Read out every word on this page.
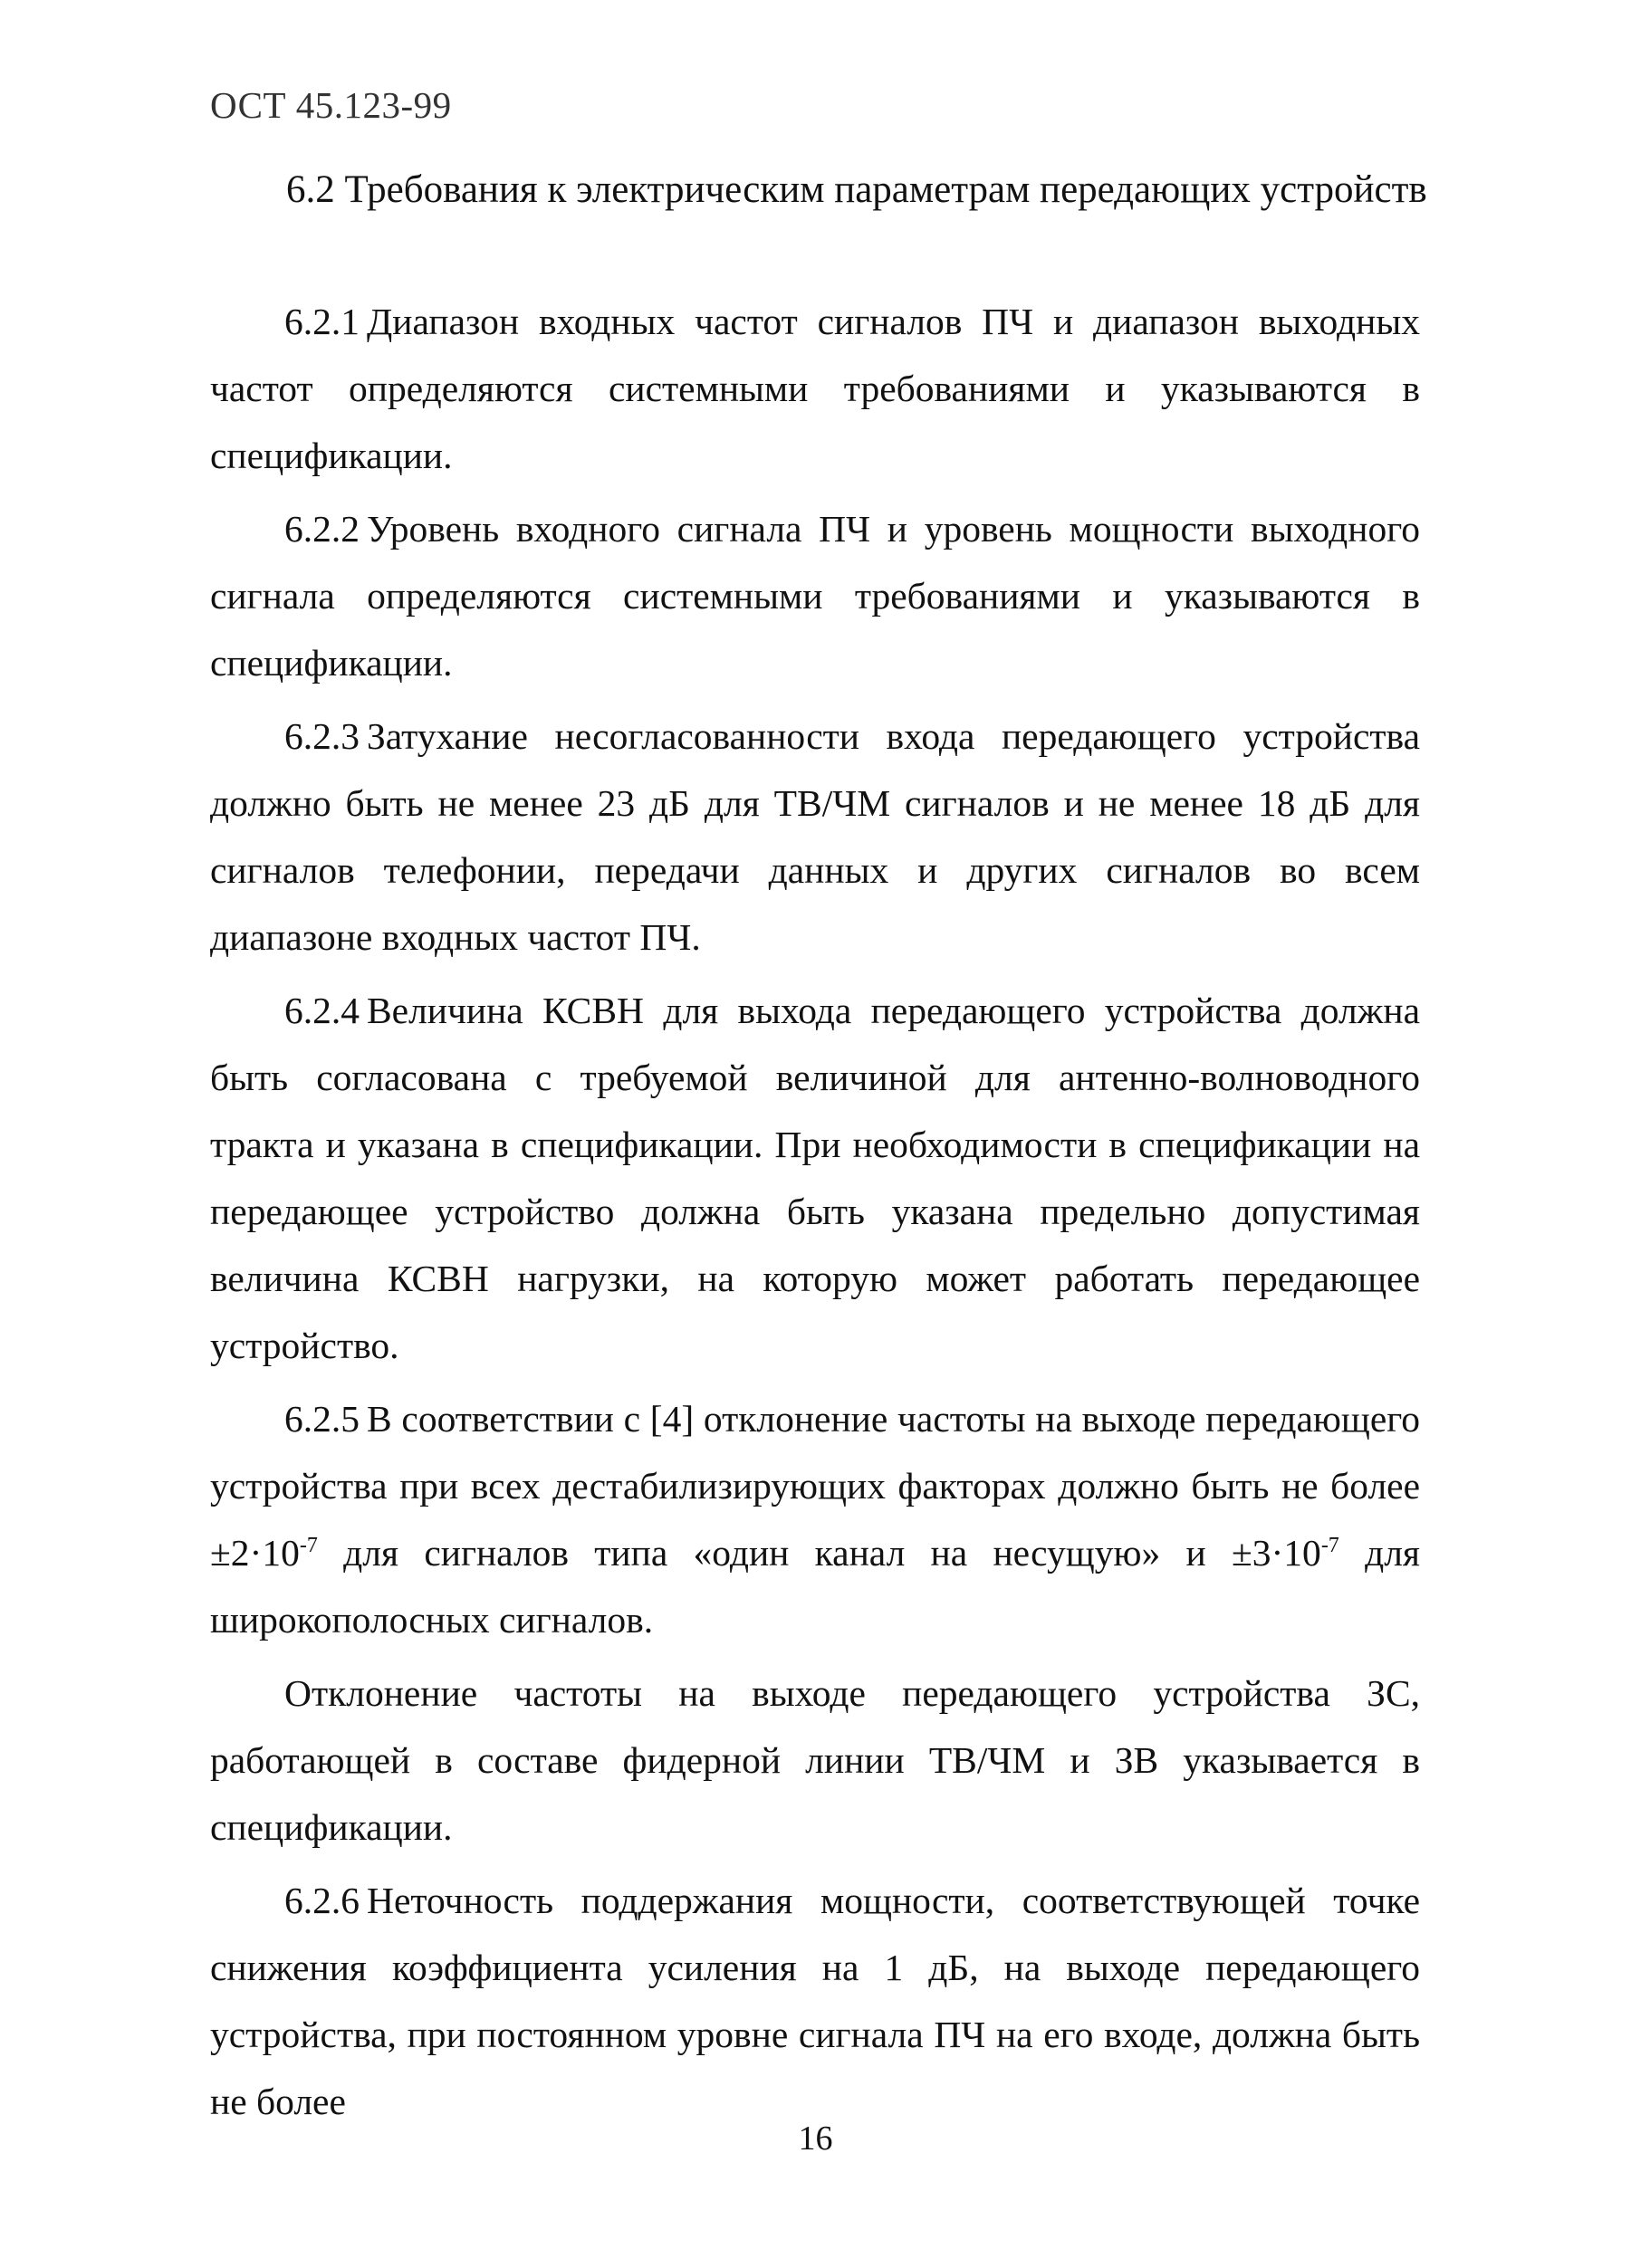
ОСТ 45.123-99
6.2 Требования к электрическим параметрам передающих устройств

6.2.1 Диапазон входных частот сигналов ПЧ и диапазон выходных частот определяются системными требованиями и указываются в спецификации.

6.2.2 Уровень входного сигнала ПЧ и уровень мощности выходного сигнала определяются системными требованиями и указываются в спецификации.

6.2.3 Затухание несогласованности входа передающего устройства должно быть не менее 23 дБ для ТВ/ЧМ сигналов и не менее 18 дБ для сигналов телефонии, передачи данных и других сигналов во всем диапазоне входных частот ПЧ.

6.2.4 Величина КСВН для выхода передающего устройства должна быть согласована с требуемой величиной для антенно-волноводного тракта и указана в спецификации. При необходимости в спецификации на передающее устройство должна быть указана предельно допустимая величина КСВН нагрузки, на которую может работать передающее устройство.

6.2.5 В соответствии с [4] отклонение частоты на выходе передающего устройства при всех дестабилизирующих факторах должно быть не более $\pm 2\cdot 10^{-7}$ для сигналов типа «один канал на несущую» $и \pm 3\cdot 10^{-7}$ для широкополосных сигналов.

Отклонение частоты на выходе передающего устройства ЗС, работающей в составе фидерной линии ТВ/ЧМ и ЗВ указывается в спецификации.

6.2.6 Неточность поддержания мощности, соответствующей точке снижения коэффициента усиления на 1 дБ, на выходе передающего устройства, при постоянном уровне сигнала ПЧ на его входе, должна быть не более

16
